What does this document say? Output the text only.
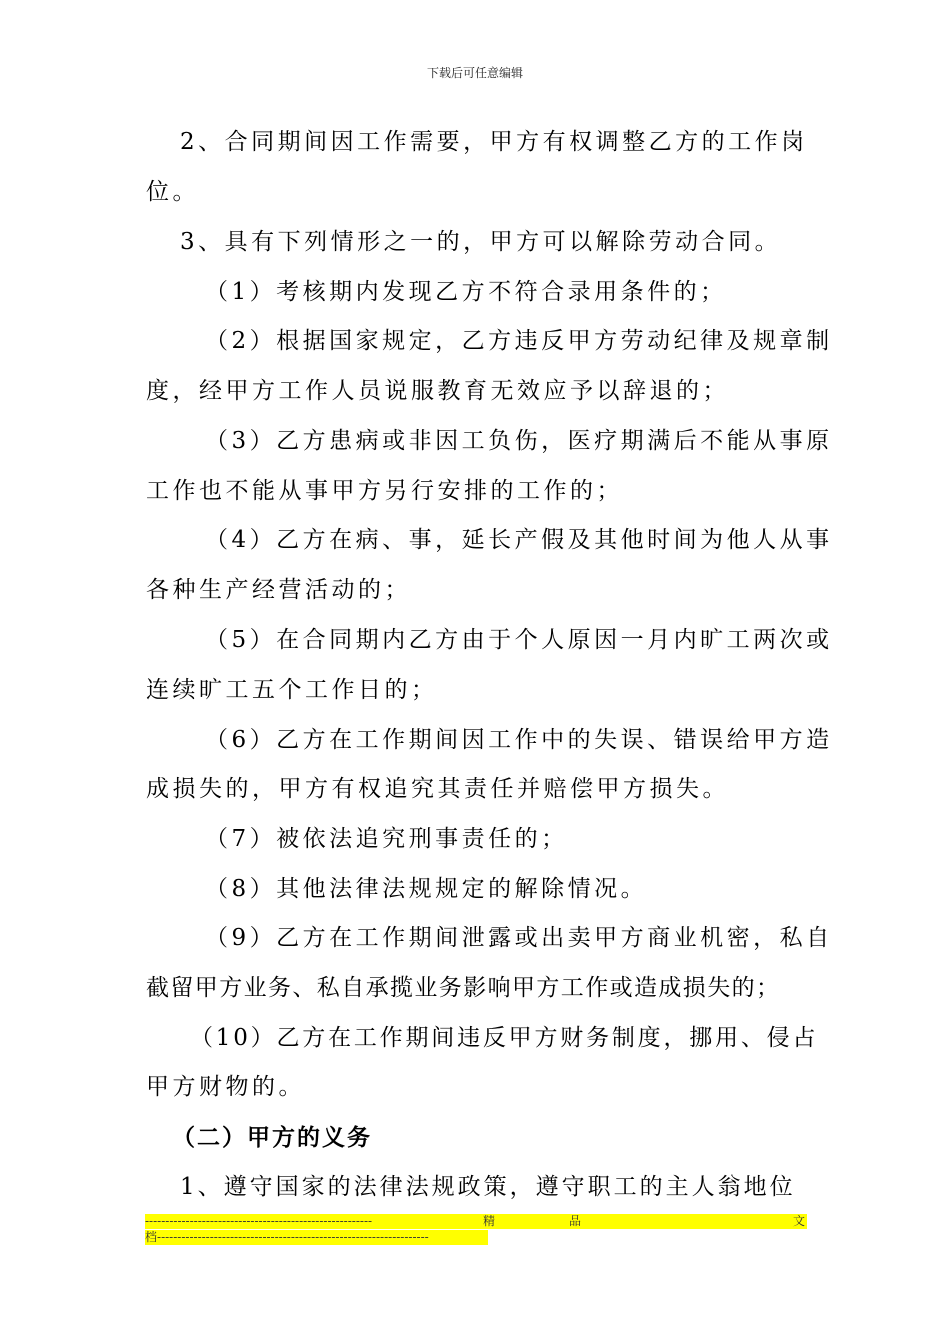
下载后可任意编辑
2、合同期间因工作需要，甲方有权调整乙方的工作岗
位。
3、具有下列情形之一的，甲方可以解除劳动合同。
（1）考核期内发现乙方不符合录用条件的；
（2）根据国家规定，乙方违反甲方劳动纪律及规章制
度，经甲方工作人员说服教育无效应予以辞退的；
（3）乙方患病或非因工负伤，医疗期满后不能从事原
工作也不能从事甲方另行安排的工作的；
（4）乙方在病、事，延长产假及其他时间为他人从事
各种生产经营活动的；
（5）在合同期内乙方由于个人原因一月内旷工两次或
连续旷工五个工作日的；
（6）乙方在工作期间因工作中的失误、错误给甲方造
成损失的，甲方有权追究其责任并赔偿甲方损失。
（7）被依法追究刑事责任的；
（8）其他法律法规规定的解除情况。
（9）乙方在工作期间泄露或出卖甲方商业机密，私自
截留甲方业务、私自承揽业务影响甲方工作或造成损失的；
（10）乙方在工作期间违反甲方财务制度，挪用、侵占
甲方财物的。
（二）甲方的义务
1、遵守国家的法律法规政策，遵守职工的主人翁地位
--------------------------------------------------------	精	品	文
档-------------------------------------------------------------------
